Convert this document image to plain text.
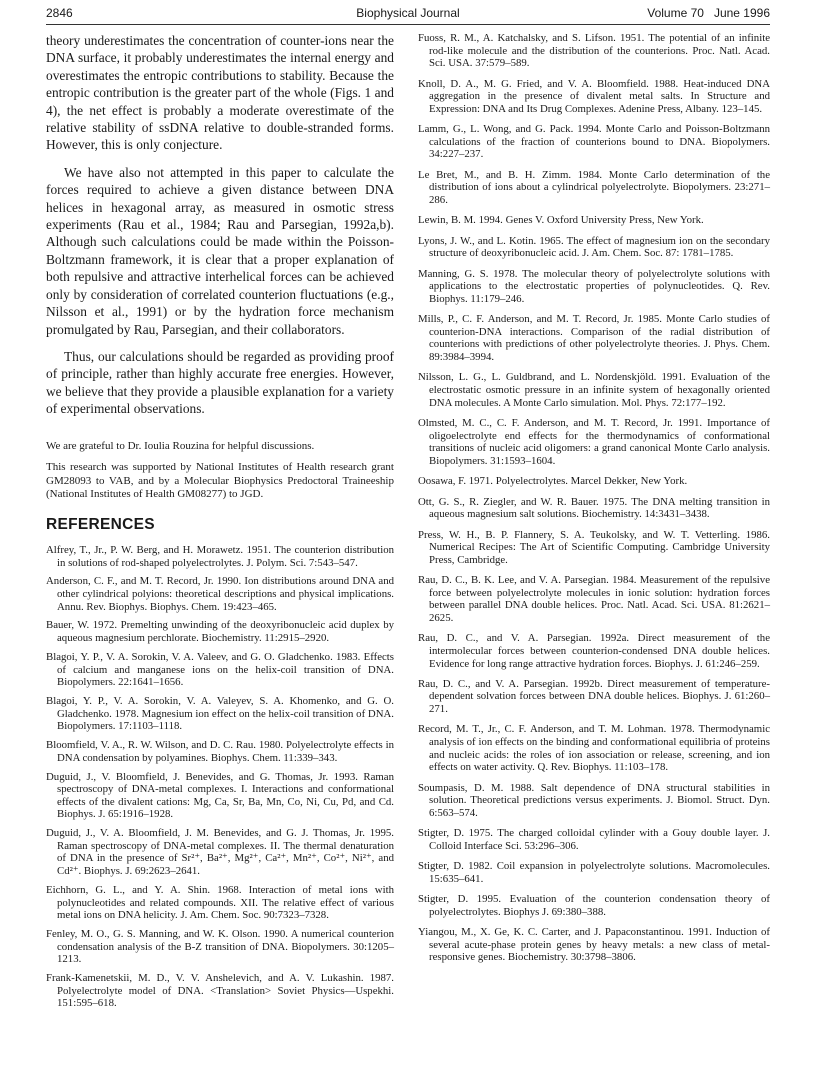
2846	Biophysical Journal	Volume 70   June 1996

theory underestimates the concentration of counter-ions near the DNA surface, it probably underestimates the internal energy and overestimates the entropic contributions to stability. Because the entropic contribution is the greater part of the whole (Figs. 1 and 4), the net effect is probably a moderate overestimate of the relative stability of ssDNA relative to double-stranded forms. However, this is only conjecture.

We have also not attempted in this paper to calculate the forces required to achieve a given distance between DNA helices in hexagonal array, as measured in osmotic stress experiments (Rau et al., 1984; Rau and Parsegian, 1992a,b). Although such calculations could be made within the Poisson-Boltzmann framework, it is clear that a proper explanation of both repulsive and attractive interhelical forces can be achieved only by consideration of correlated counterion fluctuations (e.g., Nilsson et al., 1991) or by the hydration force mechanism promulgated by Rau, Parsegian, and their collaborators.

Thus, our calculations should be regarded as providing proof of principle, rather than highly accurate free energies. However, we believe that they provide a plausible explanation for a variety of experimental observations.

We are grateful to Dr. Ioulia Rouzina for helpful discussions.

This research was supported by National Institutes of Health research grant GM28093 to VAB, and by a Molecular Biophysics Predoctoral Traineeship (National Institutes of Health GM08277) to JGD.

REFERENCES

Alfrey, T., Jr., P. W. Berg, and H. Morawetz. 1951. The counterion distribution in solutions of rod-shaped polyelectrolytes. J. Polym. Sci. 7:543–547.

Anderson, C. F., and M. T. Record, Jr. 1990. Ion distributions around DNA and other cylindrical polyions: theoretical descriptions and physical implications. Annu. Rev. Biophys. Biophys. Chem. 19:423–465.

Bauer, W. 1972. Premelting unwinding of the deoxyribonucleic acid duplex by aqueous magnesium perchlorate. Biochemistry. 11:2915–2920.

Blagoi, Y. P., V. A. Sorokin, V. A. Valeev, and G. O. Gladchenko. 1983. Effects of calcium and manganese ions on the helix-coil transition of DNA. Biopolymers. 22:1641–1656.

Blagoi, Y. P., V. A. Sorokin, V. A. Valeyev, S. A. Khomenko, and G. O. Gladchenko. 1978. Magnesium ion effect on the helix-coil transition of DNA. Biopolymers. 17:1103–1118.

Bloomfield, V. A., R. W. Wilson, and D. C. Rau. 1980. Polyelectrolyte effects in DNA condensation by polyamines. Biophys. Chem. 11:339–343.

Duguid, J., V. Bloomfield, J. Benevides, and G. Thomas, Jr. 1993. Raman spectroscopy of DNA-metal complexes. I. Interactions and conformational effects of the divalent cations: Mg, Ca, Sr, Ba, Mn, Co, Ni, Cu, Pd, and Cd. Biophys. J. 65:1916–1928.

Duguid, J., V. A. Bloomfield, J. M. Benevides, and G. J. Thomas, Jr. 1995. Raman spectroscopy of DNA-metal complexes. II. The thermal denaturation of DNA in the presence of Sr²⁺, Ba²⁺, Mg²⁺, Ca²⁺, Mn²⁺, Co²⁺, Ni²⁺, and Cd²⁺. Biophys. J. 69:2623–2641.

Eichhorn, G. L., and Y. A. Shin. 1968. Interaction of metal ions with polynucleotides and related compounds. XII. The relative effect of various metal ions on DNA helicity. J. Am. Chem. Soc. 90:7323–7328.

Fenley, M. O., G. S. Manning, and W. K. Olson. 1990. A numerical counterion condensation analysis of the B-Z transition of DNA. Biopolymers. 30:1205–1213.

Frank-Kamenetskii, M. D., V. V. Anshelevich, and A. V. Lukashin. 1987. Polyelectrolyte model of DNA. <Translation> Soviet Physics—Uspekhi. 151:595–618.

Fuoss, R. M., A. Katchalsky, and S. Lifson. 1951. The potential of an infinite rod-like molecule and the distribution of the counterions. Proc. Natl. Acad. Sci. USA. 37:579–589.

Knoll, D. A., M. G. Fried, and V. A. Bloomfield. 1988. Heat-induced DNA aggregation in the presence of divalent metal salts. In Structure and Expression: DNA and Its Drug Complexes. Adenine Press, Albany. 123–145.

Lamm, G., L. Wong, and G. Pack. 1994. Monte Carlo and Poisson-Boltzmann calculations of the fraction of counterions bound to DNA. Biopolymers. 34:227–237.

Le Bret, M., and B. H. Zimm. 1984. Monte Carlo determination of the distribution of ions about a cylindrical polyelectrolyte. Biopolymers. 23:271–286.

Lewin, B. M. 1994. Genes V. Oxford University Press, New York.

Lyons, J. W., and L. Kotin. 1965. The effect of magnesium ion on the secondary structure of deoxyribonucleic acid. J. Am. Chem. Soc. 87: 1781–1785.

Manning, G. S. 1978. The molecular theory of polyelectrolyte solutions with applications to the electrostatic properties of polynucleotides. Q. Rev. Biophys. 11:179–246.

Mills, P., C. F. Anderson, and M. T. Record, Jr. 1985. Monte Carlo studies of counterion-DNA interactions. Comparison of the radial distribution of counterions with predictions of other polyelectrolyte theories. J. Phys. Chem. 89:3984–3994.

Nilsson, L. G., L. Guldbrand, and L. Nordenskjöld. 1991. Evaluation of the electrostatic osmotic pressure in an infinite system of hexagonally oriented DNA molecules. A Monte Carlo simulation. Mol. Phys. 72:177–192.

Olmsted, M. C., C. F. Anderson, and M. T. Record, Jr. 1991. Importance of oligoelectrolyte end effects for the thermodynamics of conformational transitions of nucleic acid oligomers: a grand canonical Monte Carlo analysis. Biopolymers. 31:1593–1604.

Oosawa, F. 1971. Polyelectrolytes. Marcel Dekker, New York.

Ott, G. S., R. Ziegler, and W. R. Bauer. 1975. The DNA melting transition in aqueous magnesium salt solutions. Biochemistry. 14:3431–3438.

Press, W. H., B. P. Flannery, S. A. Teukolsky, and W. T. Vetterling. 1986. Numerical Recipes: The Art of Scientific Computing. Cambridge University Press, Cambridge.

Rau, D. C., B. K. Lee, and V. A. Parsegian. 1984. Measurement of the repulsive force between polyelectrolyte molecules in ionic solution: hydration forces between parallel DNA double helices. Proc. Natl. Acad. Sci. USA. 81:2621–2625.

Rau, D. C., and V. A. Parsegian. 1992a. Direct measurement of the intermolecular forces between counterion-condensed DNA double helices. Evidence for long range attractive hydration forces. Biophys. J. 61:246–259.

Rau, D. C., and V. A. Parsegian. 1992b. Direct measurement of temperature-dependent solvation forces between DNA double helices. Biophys. J. 61:260–271.

Record, M. T., Jr., C. F. Anderson, and T. M. Lohman. 1978. Thermodynamic analysis of ion effects on the binding and conformational equilibria of proteins and nucleic acids: the roles of ion association or release, screening, and ion effects on water activity. Q. Rev. Biophys. 11:103–178.

Soumpasis, D. M. 1988. Salt dependence of DNA structural stabilities in solution. Theoretical predictions versus experiments. J. Biomol. Struct. Dyn. 6:563–574.

Stigter, D. 1975. The charged colloidal cylinder with a Gouy double layer. J. Colloid Interface Sci. 53:296–306.

Stigter, D. 1982. Coil expansion in polyelectrolyte solutions. Macromolecules. 15:635–641.

Stigter, D. 1995. Evaluation of the counterion condensation theory of polyelectrolytes. Biophys J. 69:380–388.

Yiangou, M., X. Ge, K. C. Carter, and J. Papaconstantinou. 1991. Induction of several acute-phase protein genes by heavy metals: a new class of metal-responsive genes. Biochemistry. 30:3798–3806.
